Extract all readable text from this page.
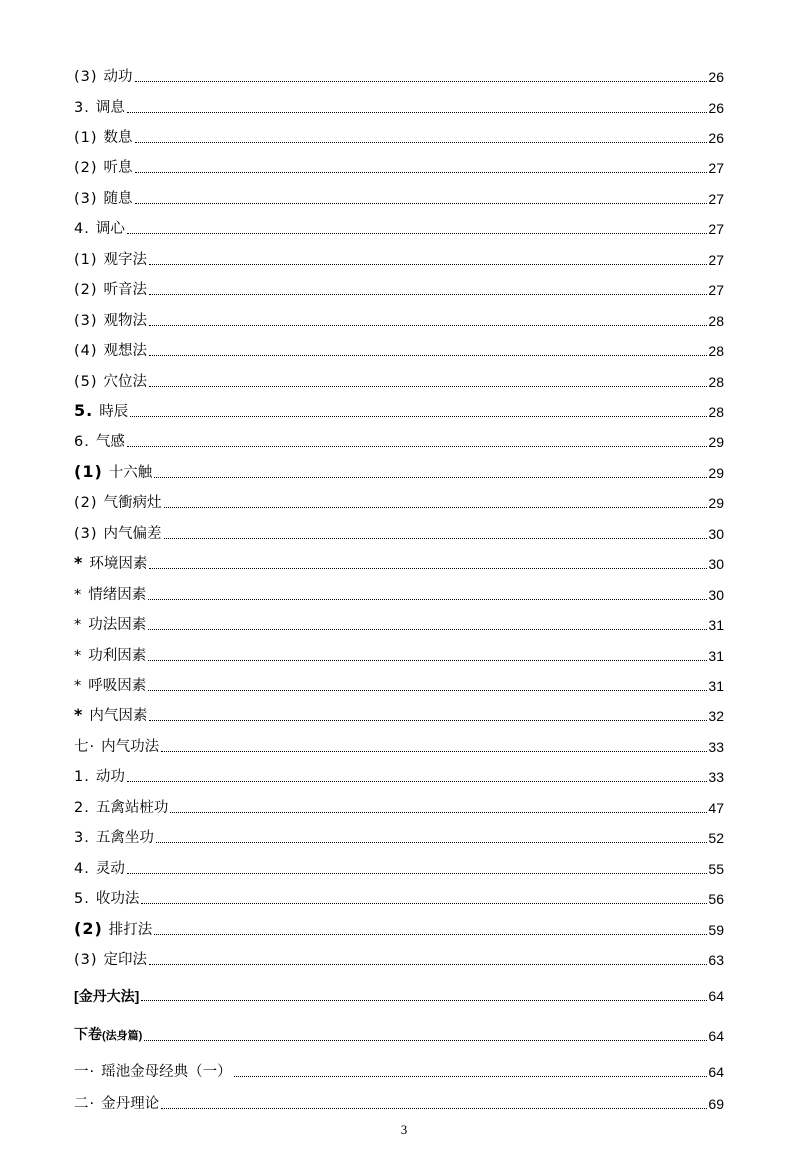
(3) 动功	26
3. 调息	26
(1) 数息	26
(2) 听息	27
(3) 随息	27
4. 调心	27
(1) 观字法	27
(2) 听音法	27
(3) 观物法	28
(4) 观想法	28
(5) 穴位法	28
5. 時辰	28
6. 气感	29
(1) 十六触	29
(2) 气衝病灶	29
(3) 内气偏差	30
* 环境因素	30
* 情绪因素	30
* 功法因素	31
* 功利因素	31
* 呼吸因素	31
* 内气因素	32
七· 内气功法	33
1. 动功	33
2. 五禽站桩功	47
3. 五禽坐功	52
4. 灵动	55
5. 收功法	56
(2) 排打法	59
(3) 定印法	63
[金丹大法]	64
下卷(法身篇)	64
一· 瑶池金母经典（一）	64
二· 金丹理论	69
3
